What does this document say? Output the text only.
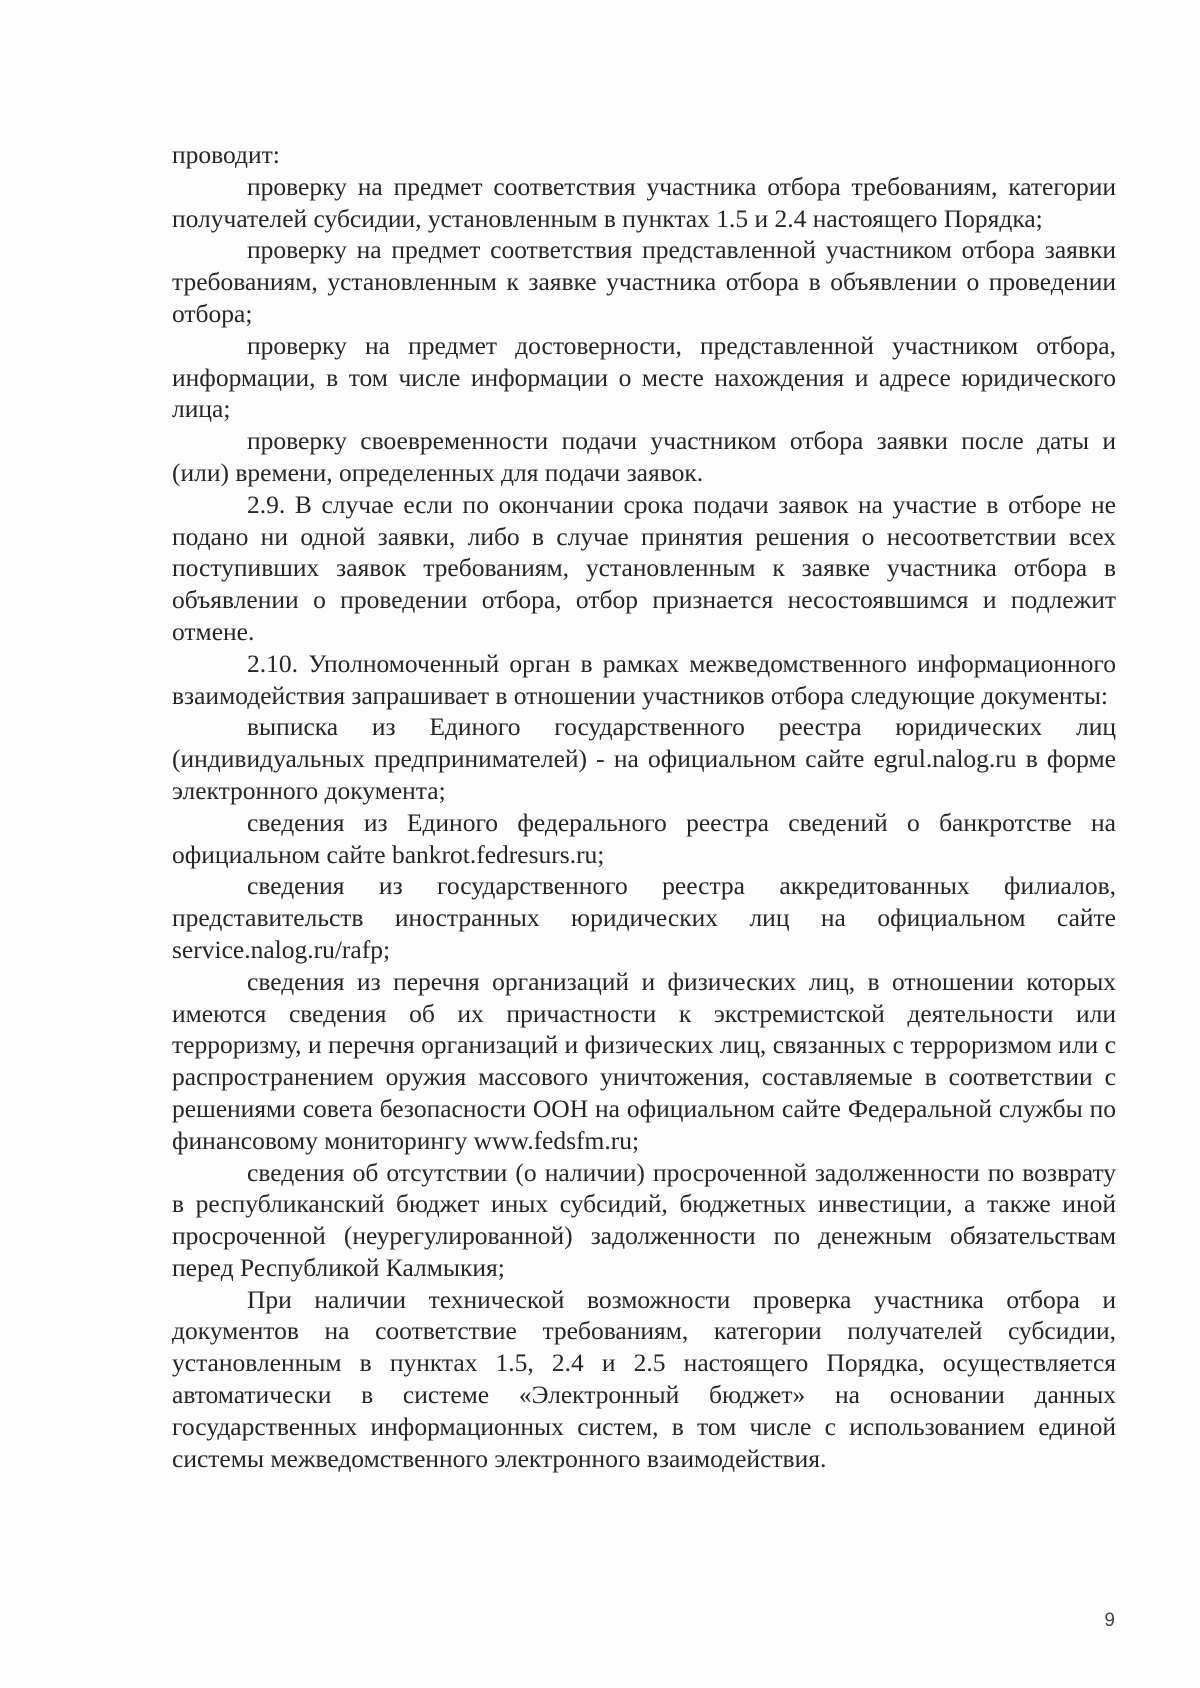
проводит:

проверку на предмет соответствия участника отбора требованиям, категории получателей субсидии, установленным в пунктах 1.5 и 2.4 настоящего Порядка;

проверку на предмет соответствия представленной участником отбора заявки требованиям, установленным к заявке участника отбора в объявлении о проведении отбора;

проверку на предмет достоверности, представленной участником отбора, информации, в том числе информации о месте нахождения и адресе юридического лица;

проверку своевременности подачи участником отбора заявки после даты и (или) времени, определенных для подачи заявок.

2.9. В случае если по окончании срока подачи заявок на участие в отборе не подано ни одной заявки, либо в случае принятия решения о несоответствии всех поступивших заявок требованиям, установленным к заявке участника отбора в объявлении о проведении отбора, отбор признается несостоявшимся и подлежит отмене.

2.10. Уполномоченный орган в рамках межведомственного информационного взаимодействия запрашивает в отношении участников отбора следующие документы:

выписка из Единого государственного реестра юридических лиц (индивидуальных предпринимателей) - на официальном сайте egrul.nalog.ru в форме электронного документа;

сведения из Единого федерального реестра сведений о банкротстве на официальном сайте bankrot.fedresurs.ru;

сведения из государственного реестра аккредитованных филиалов, представительств иностранных юридических лиц на официальном сайте service.nalog.ru/rafp;

сведения из перечня организаций и физических лиц, в отношении которых имеются сведения об их причастности к экстремистской деятельности или терроризму, и перечня организаций и физических лиц, связанных с терроризмом или с распространением оружия массового уничтожения, составляемые в соответствии с решениями совета безопасности ООН на официальном сайте Федеральной службы по финансовому мониторингу www.fedsfm.ru;

сведения об отсутствии (о наличии) просроченной задолженности по возврату в республиканский бюджет иных субсидий, бюджетных инвестиции, а также иной просроченной (неурегулированной) задолженности по денежным обязательствам перед Республикой Калмыкия;

При наличии технической возможности проверка участника отбора и документов на соответствие требованиям, категории получателей субсидии, установленным в пунктах 1.5, 2.4 и 2.5 настоящего Порядка, осуществляется автоматически в системе «Электронный бюджет» на основании данных государственных информационных систем, в том числе с использованием единой системы межведомственного электронного взаимодействия.

9
